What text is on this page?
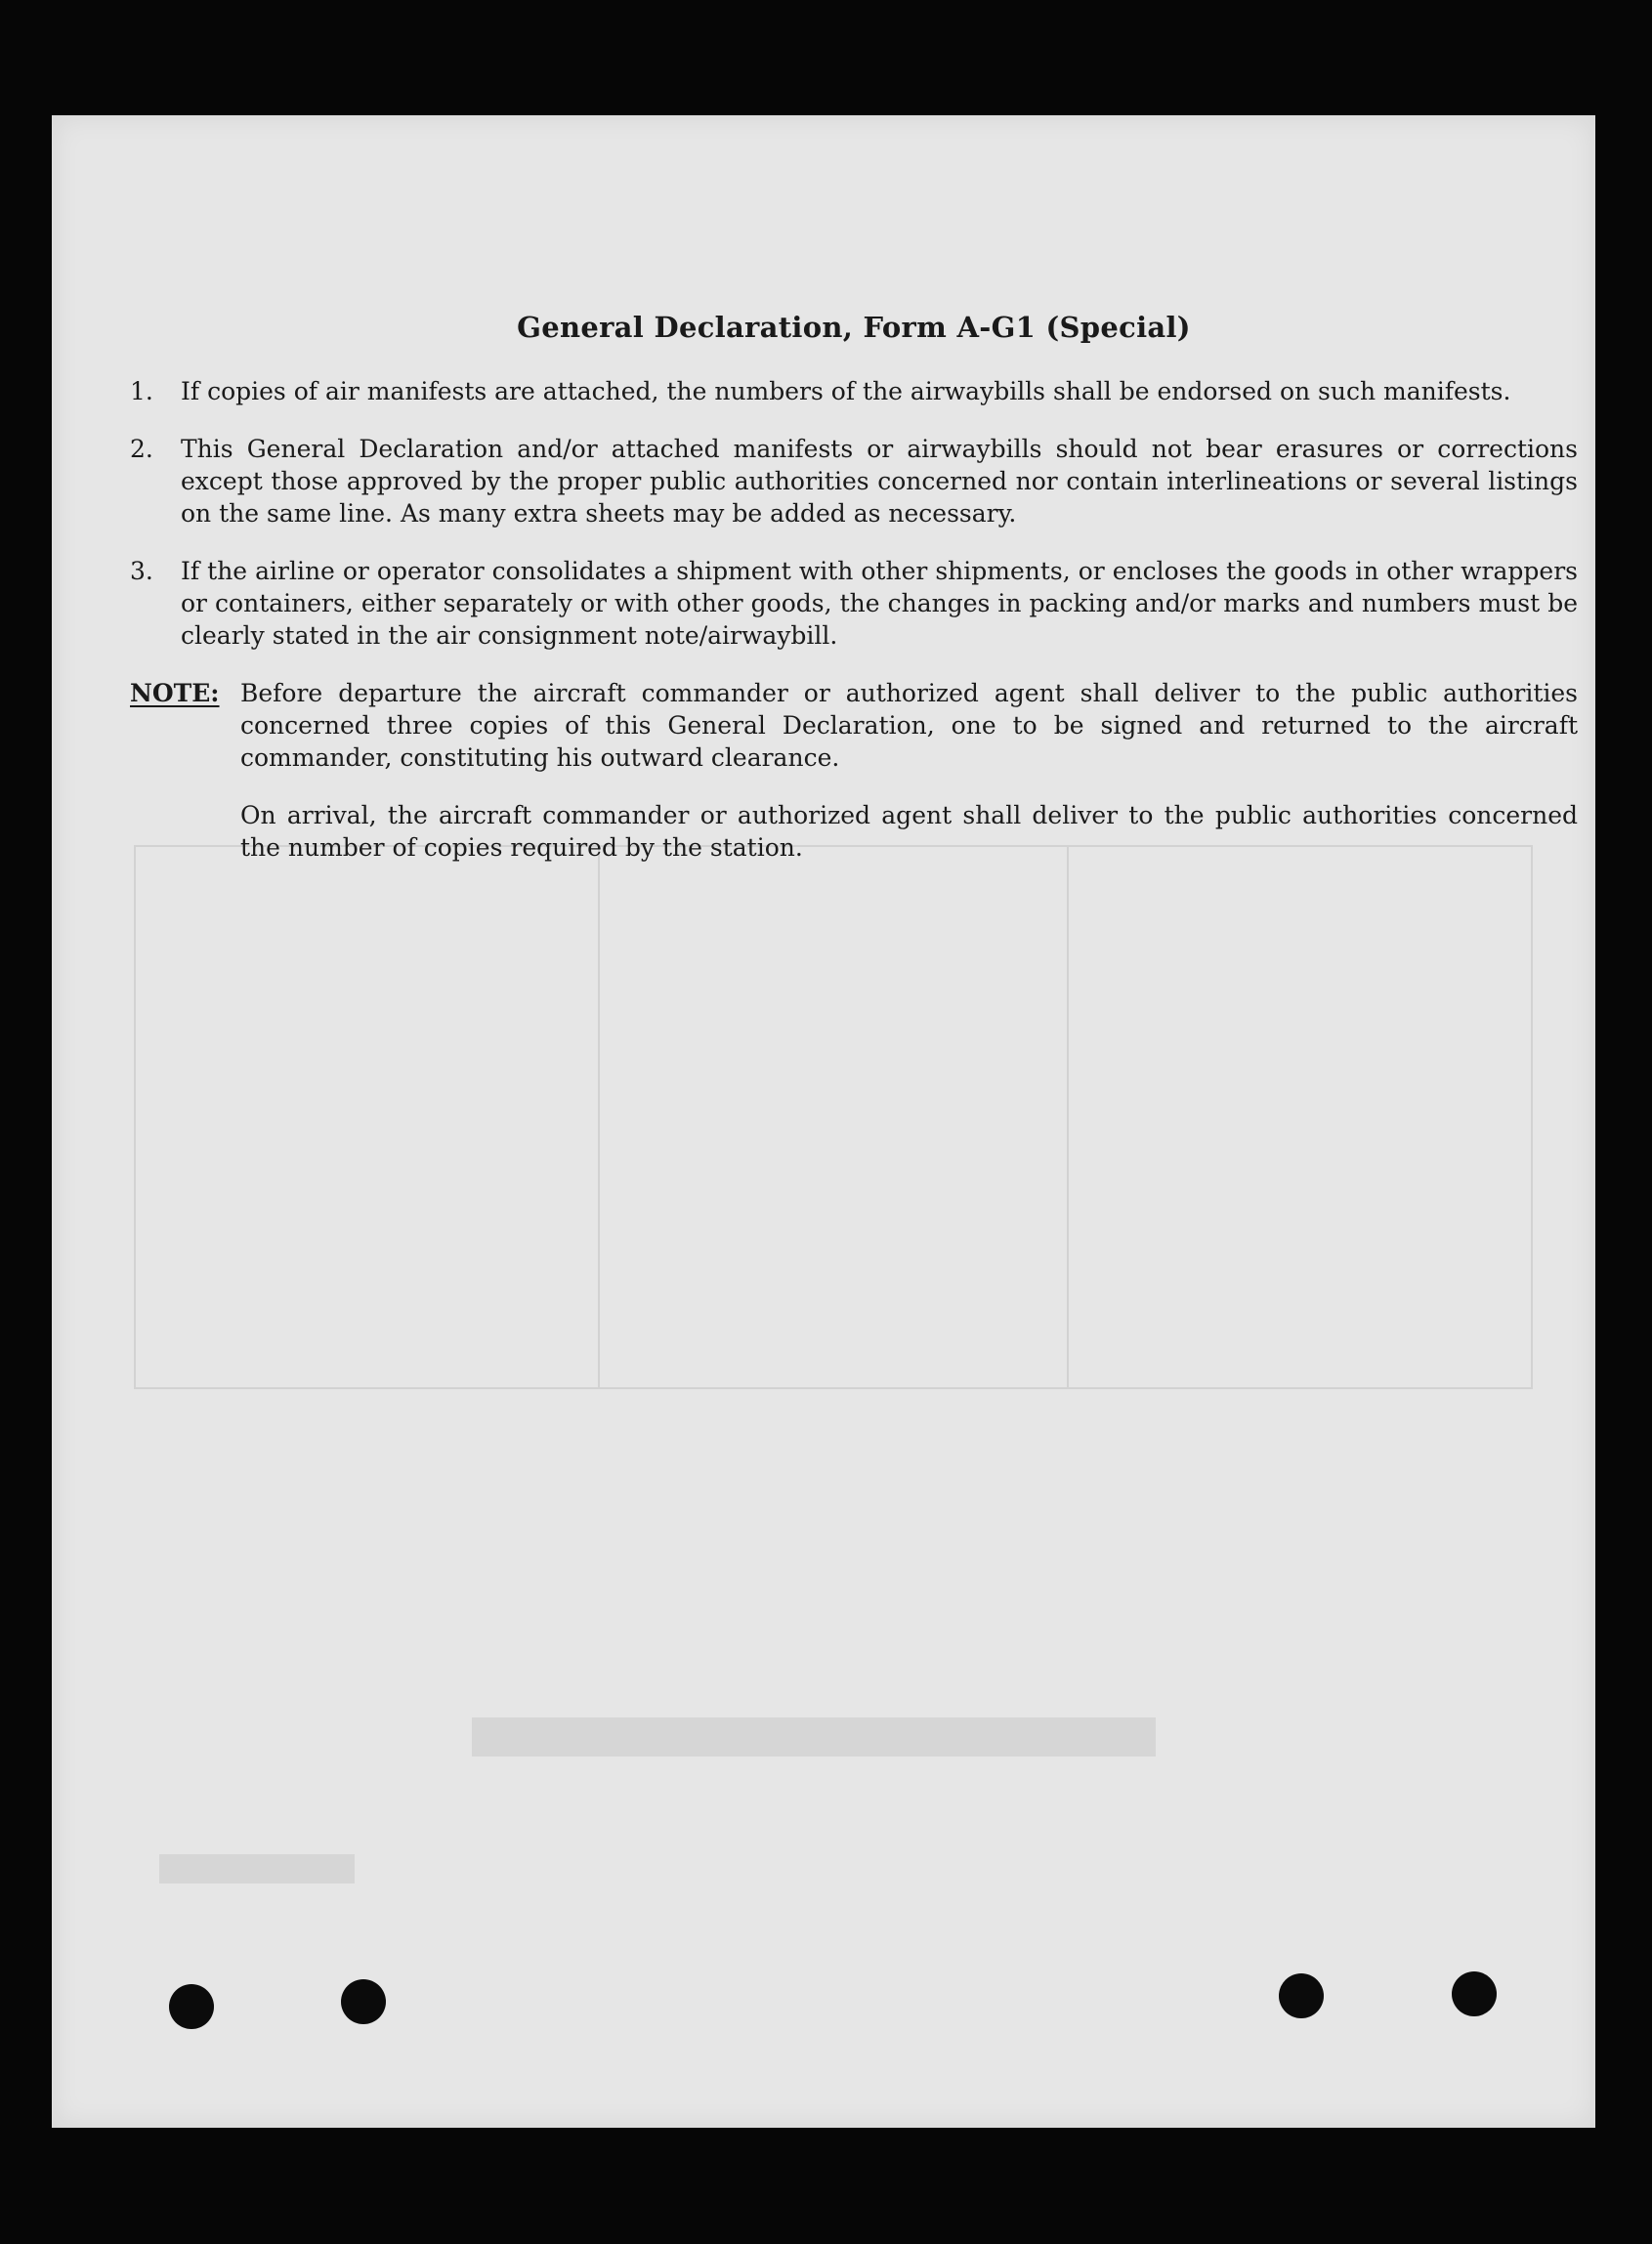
General Declaration, Form A-G1 (Special)
1.	If copies of air manifests are attached, the numbers of the airwaybills shall be endorsed on such manifests.
2.	This General Declaration and/or attached manifests or airwaybills should not bear erasures or corrections except those approved by the proper public authorities concerned nor contain interlineations or several listings on the same line. As many extra sheets may be added as necessary.
3.	If the airline or operator consolidates a shipment with other shipments, or encloses the goods in other wrappers or containers, either separately or with other goods, the changes in packing and/or marks and numbers must be clearly stated in the air consignment note/airwaybill.
NOTE: Before departure the aircraft commander or authorized agent shall deliver to the public authorities concerned three copies of this General Declaration, one to be signed and returned to the aircraft commander, constituting his outward clearance.

On arrival, the aircraft commander or authorized agent shall deliver to the public authorities concerned the number of copies required by the station.
